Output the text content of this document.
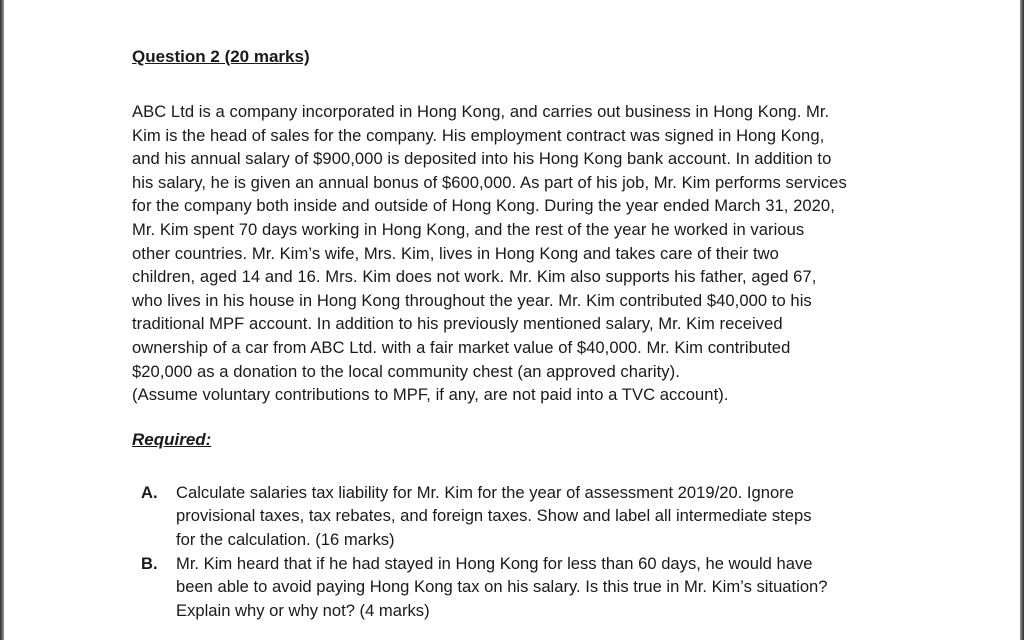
Question 2 (20 marks)

ABC Ltd is a company incorporated in Hong Kong, and carries out business in Hong Kong. Mr.

Kim is the head of sales for the company. His employment contract was signed in Hong Kong,

and his annual salary of $900,000 is deposited into his Hong Kong bank account. In addition to

his salary, he is given an annual bonus of $600,000. As part of his job, Mr. Kim performs services

for the company both inside and outside of Hong Kong. During the year ended March 31, 2020,

Mr. Kim spent 70 days working in Hong Kong, and the rest of the year he worked in various

other countries. Mr. Kim’s wife, Mrs. Kim, lives in Hong Kong and takes care of their two

children, aged 14 and 16. Mrs. Kim does not work. Mr. Kim also supports his father, aged 67,

who lives in his house in Hong Kong throughout the year. Mr. Kim contributed $40,000 to his

traditional MPF account. In addition to his previously mentioned salary, Mr. Kim received

ownership of a car from ABC Ltd. with a fair market value of $40,000. Mr. Kim contributed

$20,000 as a donation to the local community chest (an approved charity).

(Assume voluntary contributions to MPF, if any, are not paid into a TVC account).

Required:
A.	Calculate salaries tax liability for Mr. Kim for the year of assessment 2019/20. Ignore
provisional taxes, tax rebates, and foreign taxes. Show and label all intermediate steps
for the calculation. (16 marks)
B.	Mr. Kim heard that if he had stayed in Hong Kong for less than 60 days, he would have
been able to avoid paying Hong Kong tax on his salary. Is this true in Mr. Kim’s situation?
Explain why or why not? (4 marks)
